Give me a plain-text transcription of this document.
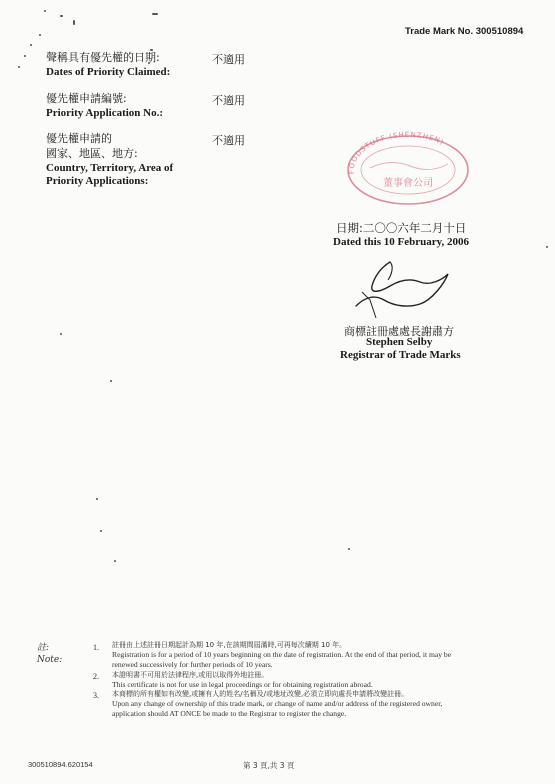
Trade Mark No. 300510894
聲稱具有優先權的日期:
Dates of Priority Claimed:
不適用
優先權申請編號:
Priority Application No.:
不適用
優先權申請的
國家、地區、地方:
Country, Territory, Area of
Priority Applications:
不適用
FOODSTUFF (SHENZHEN)
董事會公司
日期:二〇〇六年二月十日
Dated this 10 February, 2006
商標註冊處處長謝肅方
Stephen Selby
Registrar of Trade Marks
註:
Note:
1. 註冊由上述註冊日期起計為期 10 年,在該期間屆滿時,可再每次續期 10 年。
Registration is for a period of 10 years beginning on the date of registration. At the end of that period, it may be
renewed successively for further periods of 10 years.
2. 本證明書不可用於法律程序,或用以取得外地註冊。
This certificate is not for use in legal proceedings or for obtaining registration abroad.
3. 本商標的所有權如有改變,或擁有人的姓名/名稱及/或地址改變,必須立即向處長申請將改變註冊。
Upon any change of ownership of this trade mark, or change of name and/or address of the registered owner,
application should AT ONCE be made to the Registrar to register the change.
300510894.620154	第 3 頁,共 3 頁
